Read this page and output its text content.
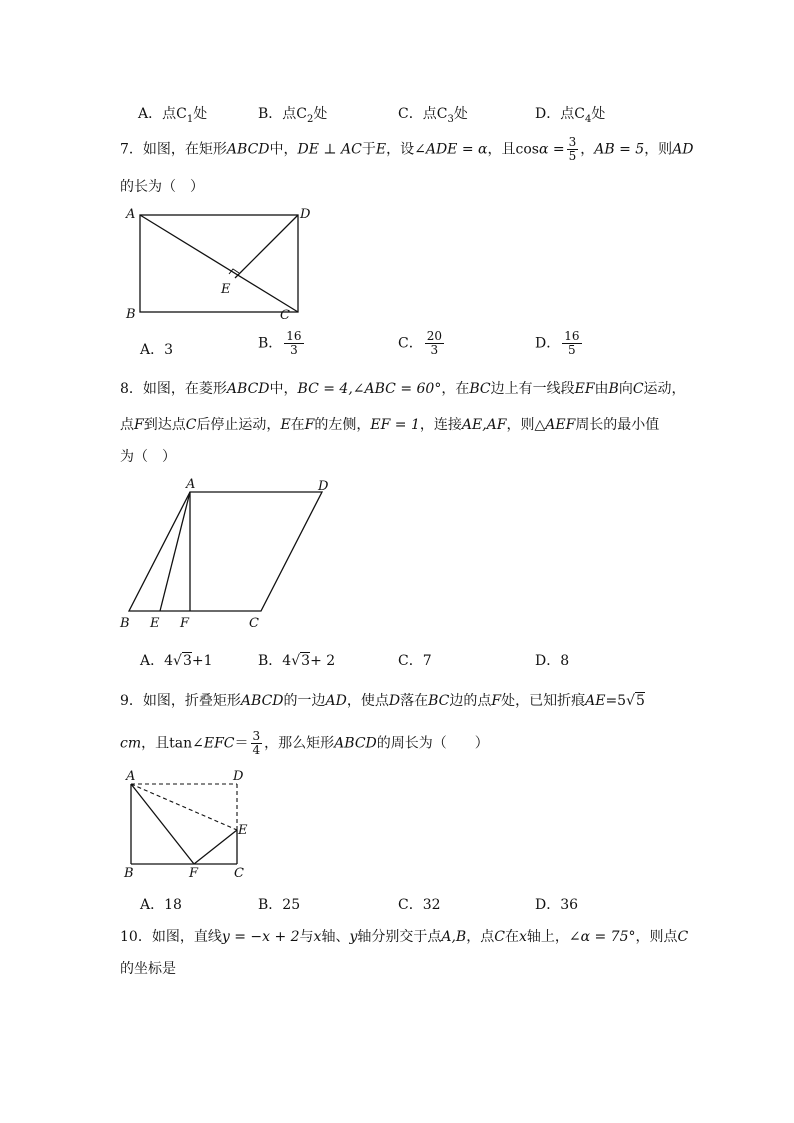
A．点$C_1$处	B．点$C_2$处	C．点$C_3$处	D．点$C_4$处
7．如图，在矩形ABCD中，DE ⊥ AC于E，设∠ADE = α，且$\cos\alpha = \frac{3}{5}$ ，AB = 5，则AD
的长为（　）
A	D
B	C
E
A．3	B． $\frac{16}{3}$	C． $\frac{20}{3}$	D． $\frac{16}{5}$
8．如图，在菱形ABCD中，BC = 4,∠ABC = 60°，在BC边上有一线段EF由B向C运动，
点F到达点C后停止运动，E在F的左侧，EF = 1，连接AE,AF，则△AEF周长的最小值
为（　）
A	D
B E F	C
A．4√3+1	B．4√3+ 2	C．7	D．8
9．如图，折叠矩形ABCD的一边AD，使点D落在BC边的点F处，已知折痕AE=5√5
cm，且tan∠EFC＝ $\frac{3}{4}$ ，那么矩形ABCD的周长为（　　）
A	D
E
B	F	C
A．18	B．25	C．32	D．36
10．如图，直线y = −x + 2与x轴、y轴分别交于点A,B，点C在x轴上，∠α = 75°，则点C
的坐标是
